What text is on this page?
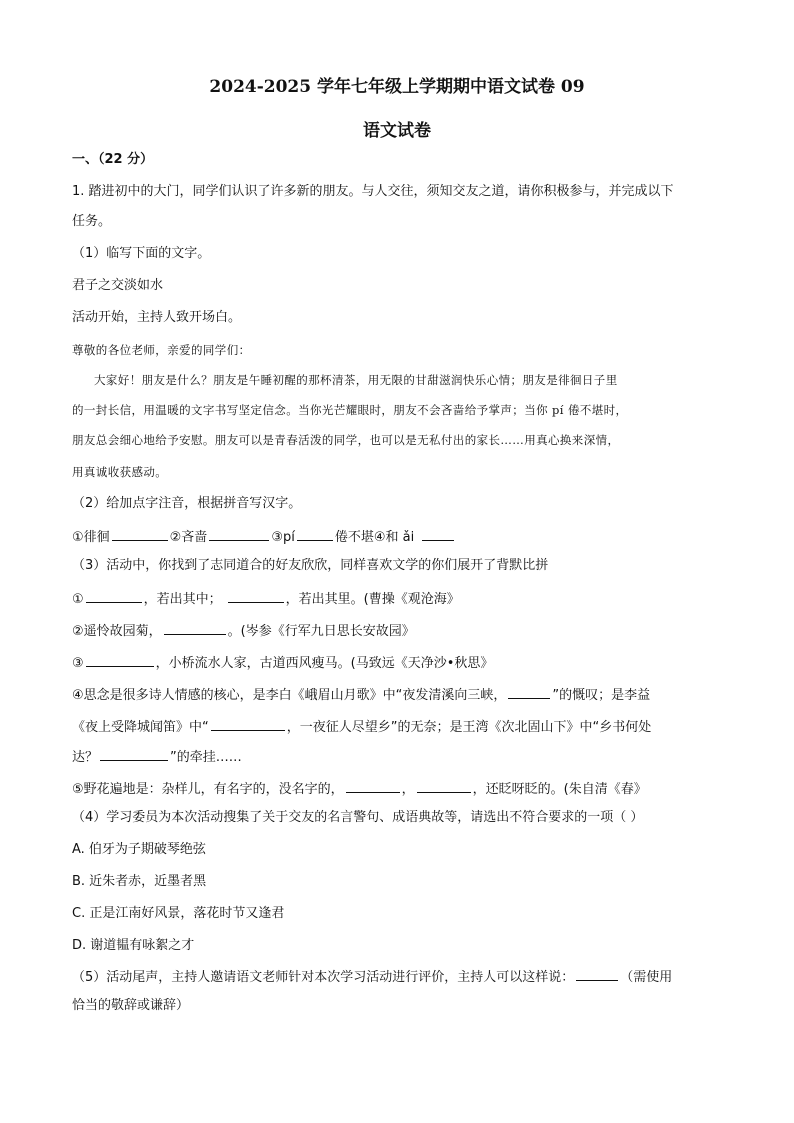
2024-2025 学年七年级上学期期中语文试卷 09
语文试卷
一、（22 分）
1. 踏进初中的大门，同学们认识了许多新的朋友。与人交往，须知交友之道，请你积极参与，并完成以下
任务。
（1）临写下面的文字。
君子之交淡如水
活动开始，主持人致开场白。
尊敬的各位老师，亲爱的同学们：
大家好！朋友是什么？朋友是午睡初醒的那杯清茶，用无限的甘甜滋润快乐心情；朋友是徘徊日子里
的一封长信，用温暖的文字书写坚定信念。当你光芒耀眼时，朋友不会吝啬给予掌声；当你 pí 倦不堪时，
朋友总会细心地给予安慰。朋友可以是青春活泼的同学，也可以是无私付出的家长……用真心换来深情，
用真诚收获感动。
（2）给加点字注音，根据拼音写汉字。
①徘徊	②吝啬	③pí	倦不堪④和 ǎi
（3）活动中，你找到了志同道合的好友欣欣，同样喜欢文学的你们展开了背默比拼
①	，若出其中；	，若出其里。(曹操《观沧海》
②遥怜故园菊，	。(岑参《行军九日思长安故园》
③	，小桥流水人家，古道西风瘦马。(马致远《天净沙•秋思》
④思念是很多诗人情感的核心，是李白《峨眉山月歌》中“夜发清溪向三峡，	”的慨叹；是李益
《夜上受降城闻笛》中“	，一夜征人尽望乡”的无奈；是王湾《次北固山下》中“乡书何处
达？	”的牵挂……
⑤野花遍地是：杂样儿，有名字的，没名字的，	，	，还眨呀眨的。(朱自清《春》
（4）学习委员为本次活动搜集了关于交友的名言警句、成语典故等，请选出不符合要求的一项（ ）
A. 伯牙为子期破琴绝弦
B. 近朱者赤，近墨者黑
C. 正是江南好风景，落花时节又逢君
D. 谢道韫有咏絮之才
（5）活动尾声，主持人邀请语文老师针对本次学习活动进行评价，主持人可以这样说：	（需使用
恰当的敬辞或谦辞）
